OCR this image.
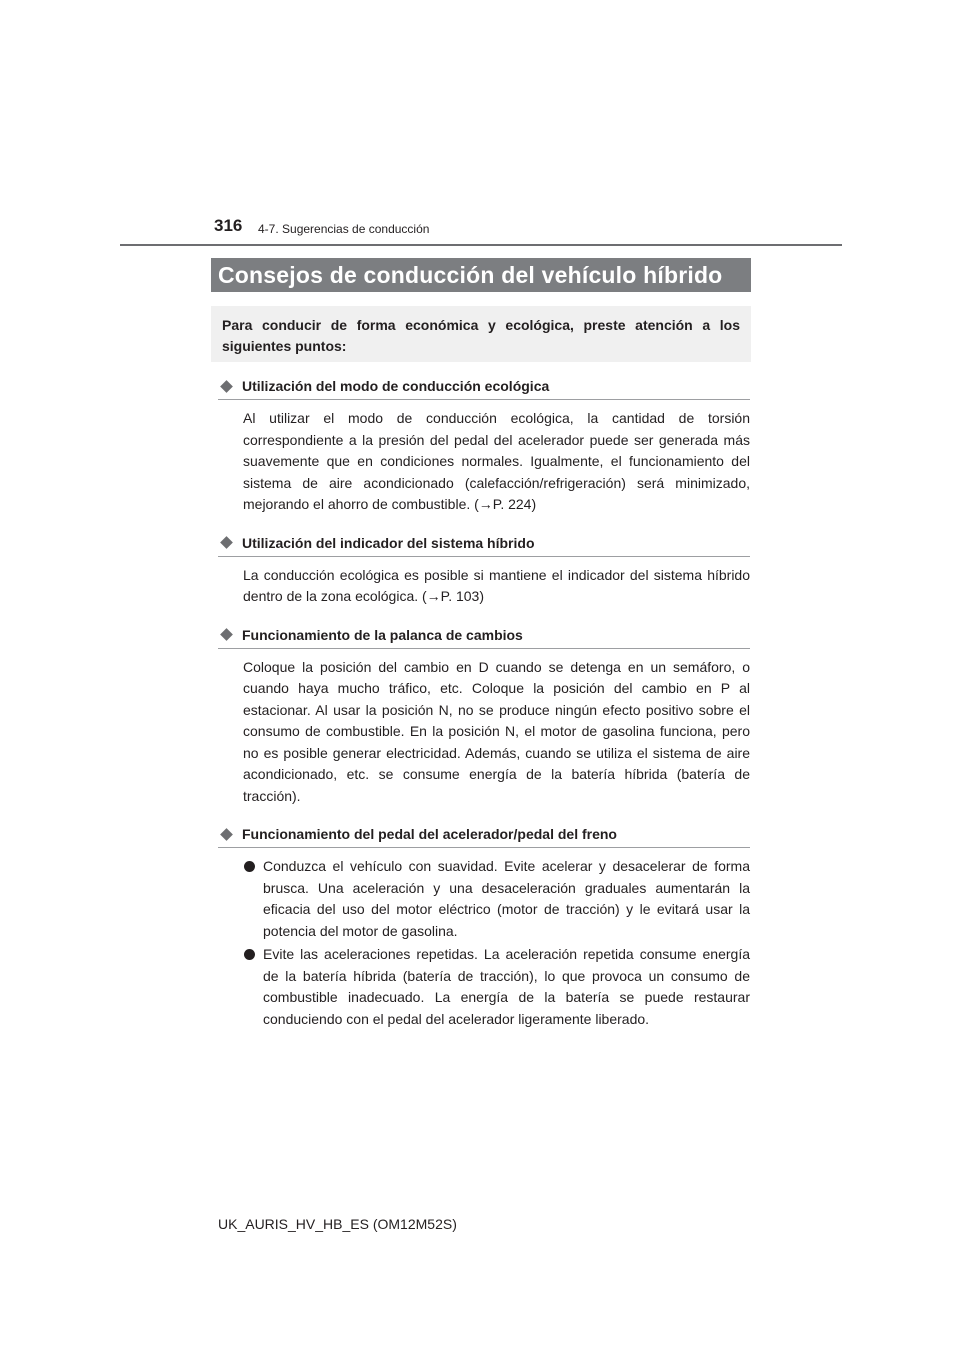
316 4-7. Sugerencias de conducción
Consejos de conducción del vehículo híbrido
Para conducir de forma económica y ecológica, preste atención a los siguientes puntos:
Utilización del modo de conducción ecológica
Al utilizar el modo de conducción ecológica, la cantidad de torsión correspondiente a la presión del pedal del acelerador puede ser generada más suavemente que en condiciones normales. Igualmente, el funcionamiento del sistema de aire acondicionado (calefacción/refrigeración) será minimizado, mejorando el ahorro de combustible. (→P. 224)
Utilización del indicador del sistema híbrido
La conducción ecológica es posible si mantiene el indicador del sistema híbrido dentro de la zona ecológica. (→P. 103)
Funcionamiento de la palanca de cambios
Coloque la posición del cambio en D cuando se detenga en un semáforo, o cuando haya mucho tráfico, etc. Coloque la posición del cambio en P al estacionar. Al usar la posición N, no se produce ningún efecto positivo sobre el consumo de combustible. En la posición N, el motor de gasolina funciona, pero no es posible generar electricidad. Además, cuando se utiliza el sistema de aire acondicionado, etc. se consume energía de la batería híbrida (batería de tracción).
Funcionamiento del pedal del acelerador/pedal del freno
Conduzca el vehículo con suavidad. Evite acelerar y desacelerar de forma brusca. Una aceleración y una desaceleración graduales aumentarán la eficacia del uso del motor eléctrico (motor de tracción) y le evitará usar la potencia del motor de gasolina.
Evite las aceleraciones repetidas. La aceleración repetida consume energía de la batería híbrida (batería de tracción), lo que provoca un consumo de combustible inadecuado. La energía de la batería se puede restaurar conduciendo con el pedal del acelerador ligeramente liberado.
UK_AURIS_HV_HB_ES (OM12M52S)
